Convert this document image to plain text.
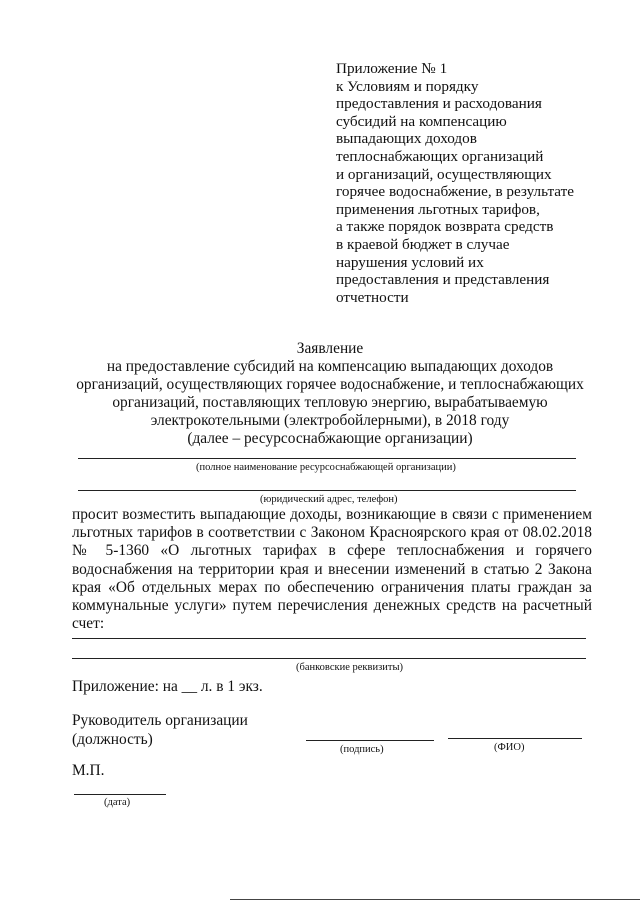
Приложение № 1
к Условиям и порядку
предоставления и расходования
субсидий на компенсацию
выпадающих доходов
теплоснабжающих организаций
и организаций, осуществляющих
горячее водоснабжение, в результате
применения льготных тарифов,
а также порядок возврата средств
в краевой бюджет в случае
нарушения условий их
предоставления и представления
отчетности
Заявление
на предоставление субсидий на компенсацию выпадающих доходов
организаций, осуществляющих горячее водоснабжение, и теплоснабжающих
организаций, поставляющих тепловую энергию, вырабатываемую
электрокотельными (электробойлерными), в 2018 году
(далее – ресурсоснабжающие организации)
(полное наименование ресурсоснабжающей организации)
(юридический адрес, телефон)
просит возместить выпадающие доходы, возникающие в связи с применением
льготных тарифов в соответствии с Законом Красноярского края от 08.02.2018
№ 5-1360 «О льготных тарифах в сфере теплоснабжения и горячего
водоснабжения на территории края и внесении изменений в статью 2 Закона
края «Об отдельных мерах по обеспечению ограничения платы граждан за
коммунальные услуги» путем перечисления денежных средств на расчетный
счет:
(банковские реквизиты)
Приложение: на __ л. в 1 экз.
Руководитель организации
(должность)
(подпись)	(ФИО)
М.П.
(дата)
